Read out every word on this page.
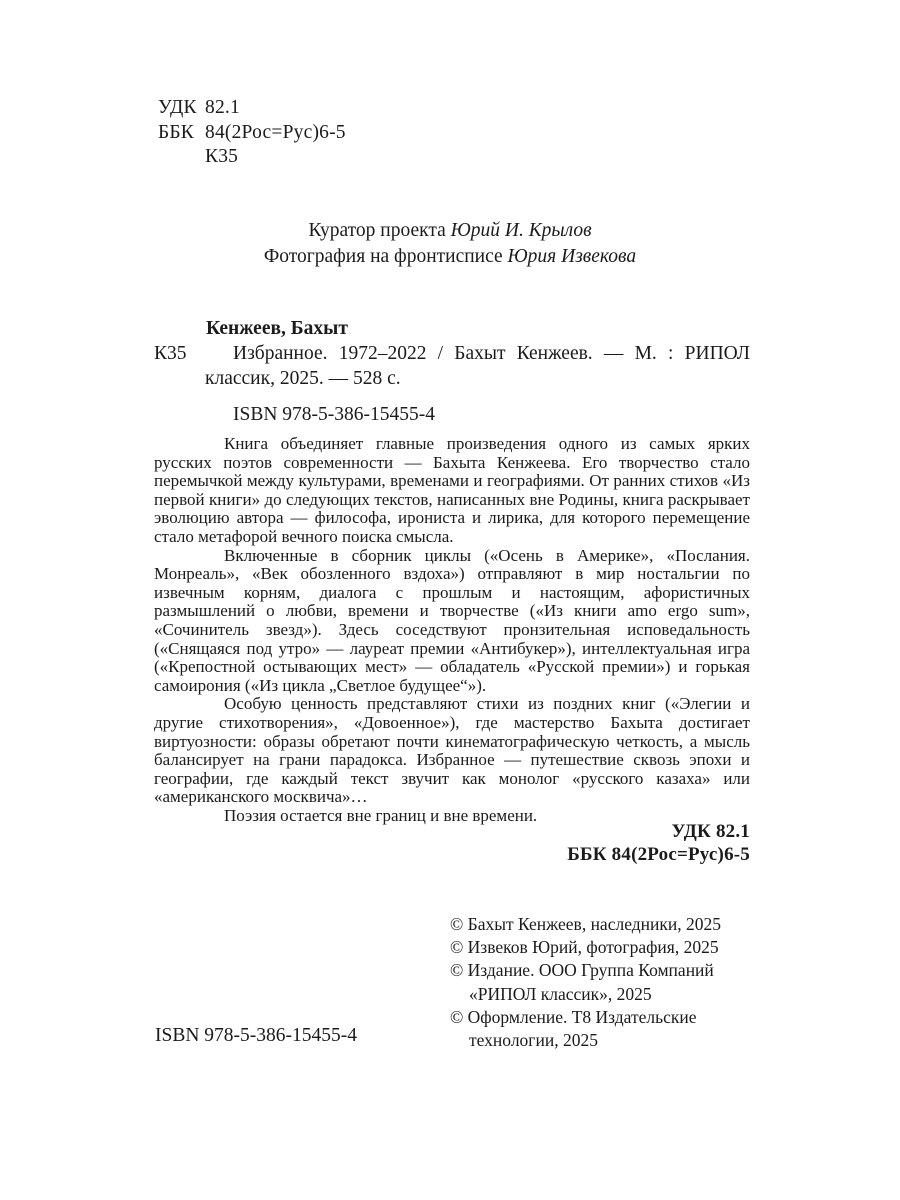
УДК 82.1
ББК 84(2Рос=Рус)6-5
К35
Куратор проекта Юрий И. Крылов
Фотография на фронтисписе Юрия Извекова
Кенжеев, Бахыт
К35	Избранное. 1972–2022 / Бахыт Кенжеев. — М. : РИПОЛ классик, 2025. — 528 с.
ISBN 978-5-386-15455-4

Книга объединяет главные произведения одного из самых ярких русских поэтов современности — Бахыта Кенжеева. Его творчество стало перемычкой между культурами, временами и географиями. От ранних стихов «Из первой книги» до следующих текстов, написанных вне Родины, книга раскрывает эволюцию автора — философа, ирониста и лирика, для которого перемещение стало метафорой вечного поиска смысла.

Включенные в сборник циклы («Осень в Америке», «Послания. Монреаль», «Век обозленного вздоха») отправляют в мир ностальгии по извечным корням, диалога с прошлым и настоящим, афористичных размышлений о любви, времени и творчестве («Из книги amo ergo sum», «Сочинитель звезд»). Здесь соседствуют пронзительная исповедальность («Снящаяся под утро» — лауреат премии «Антибукер»), интеллектуальная игра («Крепостной остывающих мест» — обладатель «Русской премии») и горькая самоирония («Из цикла „Светлое будущее“»).

Особую ценность представляют стихи из поздних книг («Элегии и другие стихотворения», «Довоенное»), где мастерство Бахыта достигает виртуозности: образы обретают почти кинематографическую четкость, а мысль балансирует на грани парадокса. Избранное — путешествие сквозь эпохи и географии, где каждый текст звучит как монолог «русского казаха» или «американского москвича»…

Поэзия остается вне границ и вне времени.

УДК 82.1
ББК 84(2Рос=Рус)6-5

© Бахыт Кенжеев, наследники, 2025

© Извеков Юрий, фотография, 2025

© Издание. ООО Группа Компаний «РИПОЛ классик», 2025

© Оформление. Т8 Издательские технологии, 2025

ISBN 978-5-386-15455-4
